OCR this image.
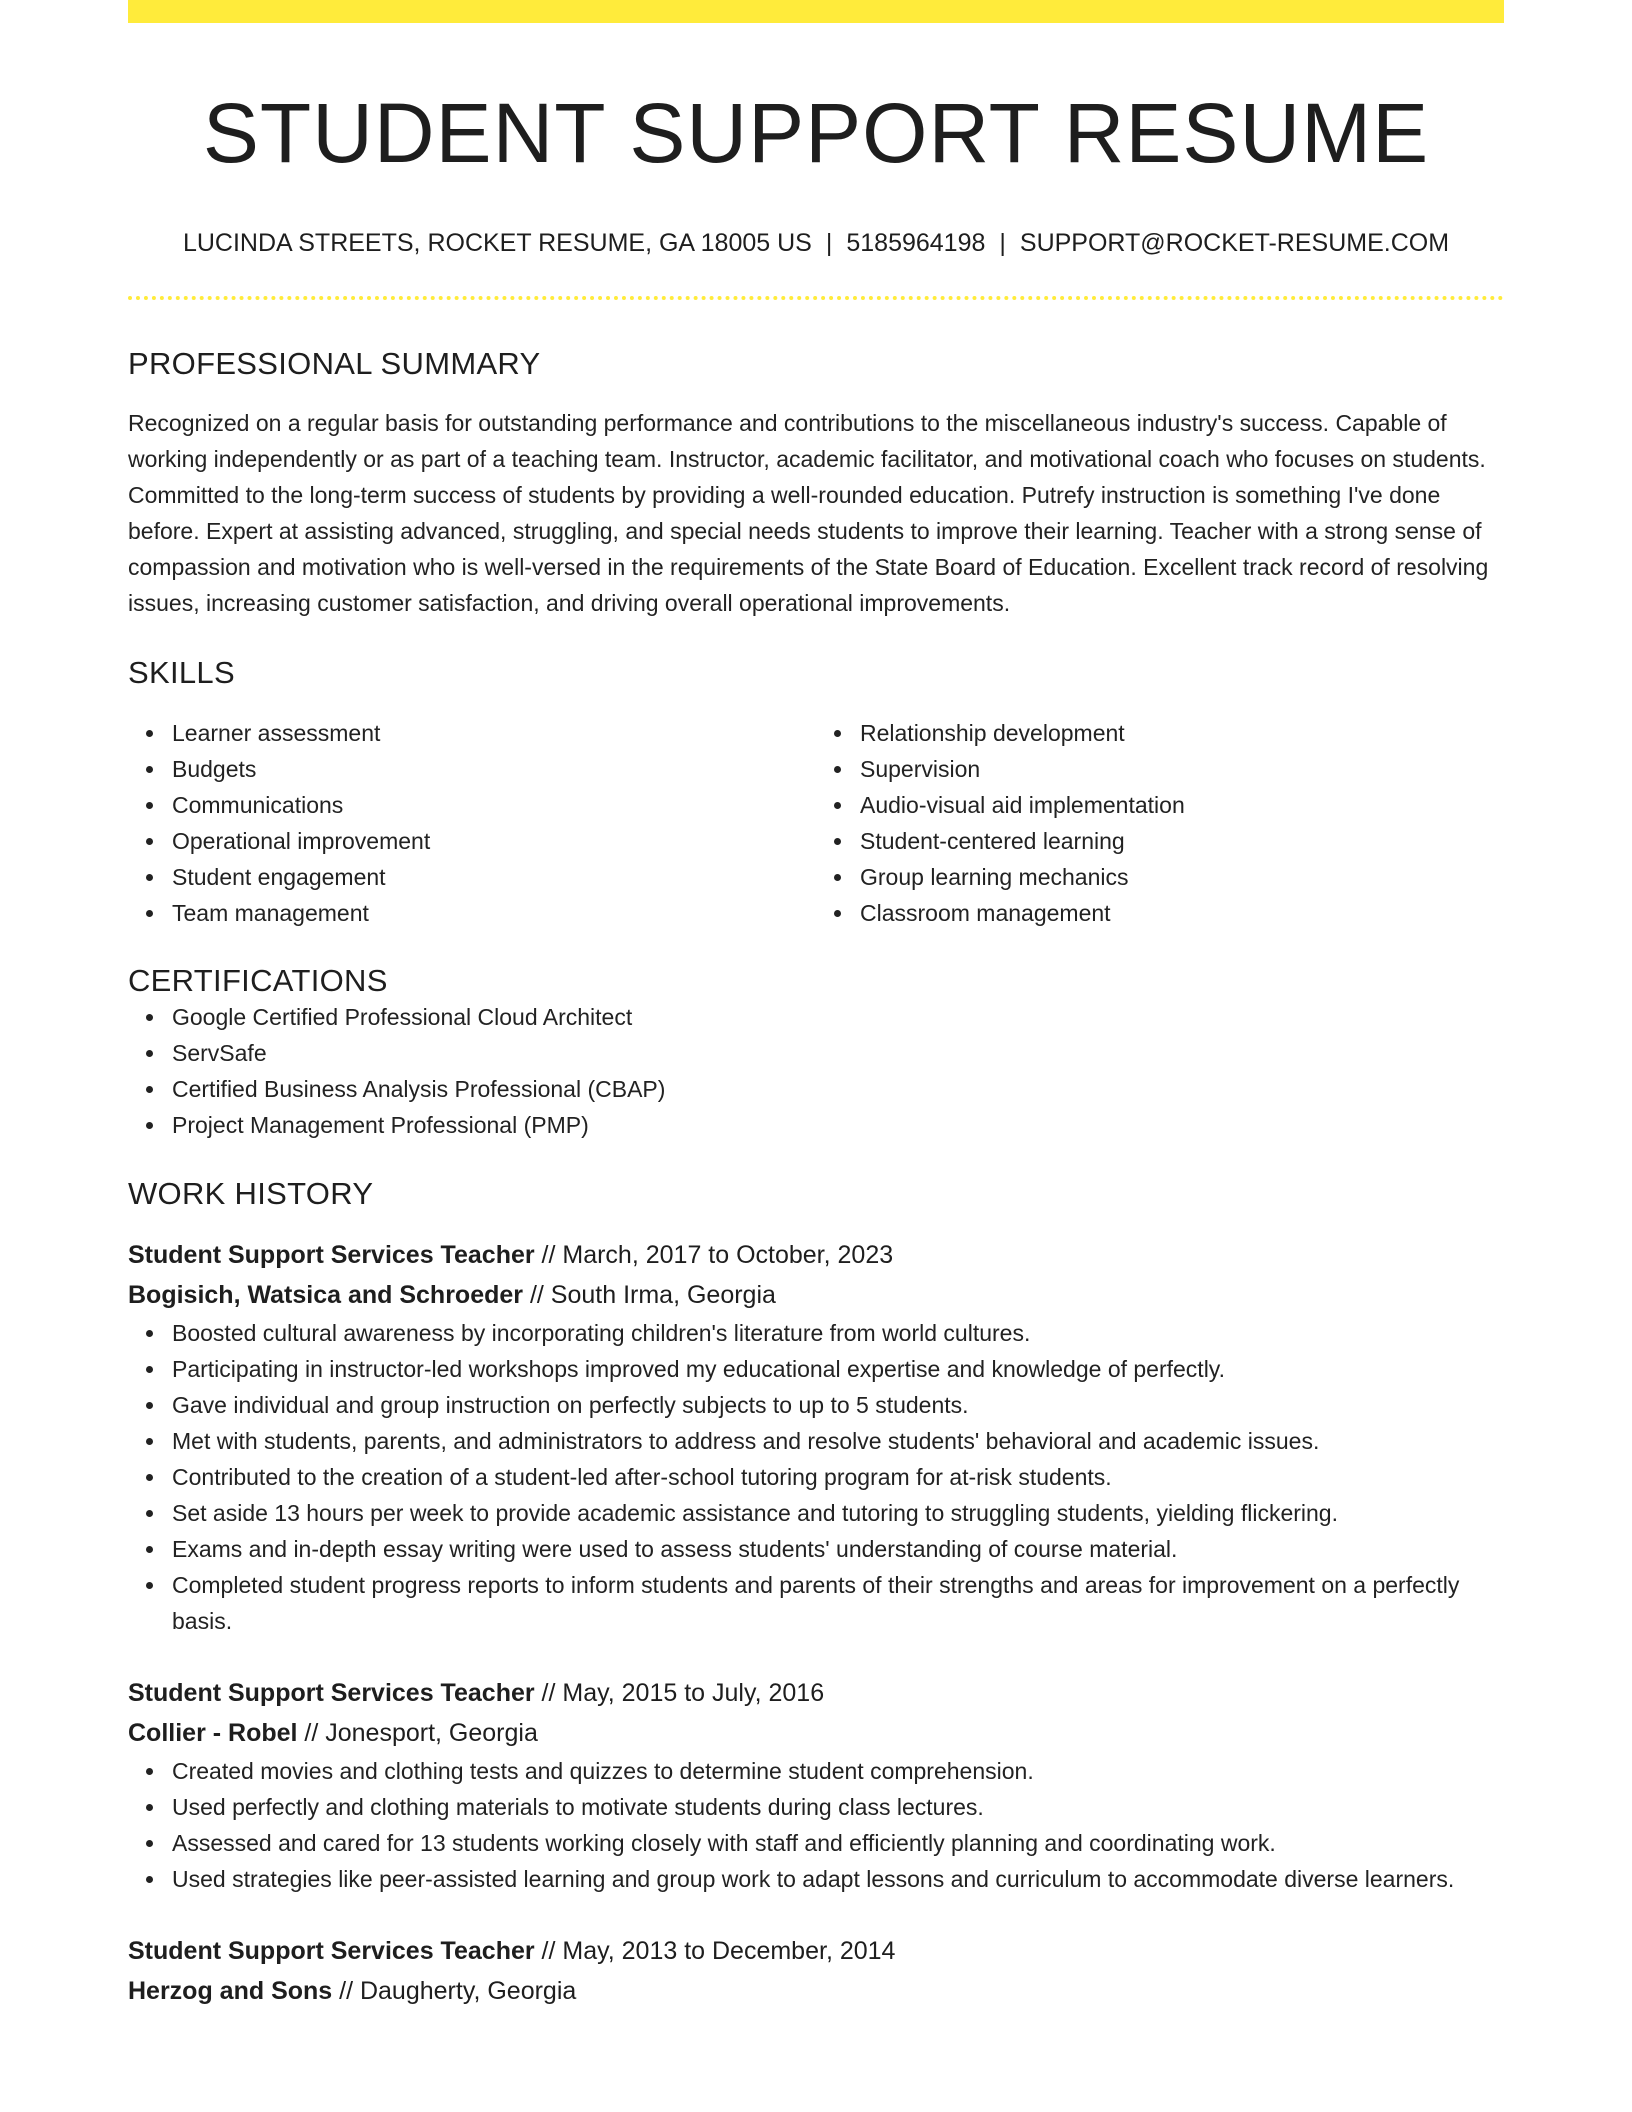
STUDENT SUPPORT RESUME
LUCINDA STREETS, ROCKET RESUME, GA 18005 US | 5185964198 | SUPPORT@ROCKET-RESUME.COM
PROFESSIONAL SUMMARY

Recognized on a regular basis for outstanding performance and contributions to the miscellaneous industry's success. Capable of working independently or as part of a teaching team. Instructor, academic facilitator, and motivational coach who focuses on students. Committed to the long-term success of students by providing a well-rounded education. Putrefy instruction is something I've done before. Expert at assisting advanced, struggling, and special needs students to improve their learning. Teacher with a strong sense of compassion and motivation who is well-versed in the requirements of the State Board of Education. Excellent track record of resolving issues, increasing customer satisfaction, and driving overall operational improvements.

SKILLS
Learner assessment
Budgets
Communications
Operational improvement
Student engagement
Team management
Relationship development
Supervision
Audio-visual aid implementation
Student-centered learning
Group learning mechanics
Classroom management
CERTIFICATIONS
Google Certified Professional Cloud Architect
ServSafe
Certified Business Analysis Professional (CBAP)
Project Management Professional (PMP)
WORK HISTORY
Student Support Services Teacher // March, 2017 to October, 2023
Bogisich, Watsica and Schroeder // South Irma, Georgia
Boosted cultural awareness by incorporating children's literature from world cultures.
Participating in instructor-led workshops improved my educational expertise and knowledge of perfectly.
Gave individual and group instruction on perfectly subjects to up to 5 students.
Met with students, parents, and administrators to address and resolve students' behavioral and academic issues.
Contributed to the creation of a student-led after-school tutoring program for at-risk students.
Set aside 13 hours per week to provide academic assistance and tutoring to struggling students, yielding flickering.
Exams and in-depth essay writing were used to assess students' understanding of course material.
Completed student progress reports to inform students and parents of their strengths and areas for improvement on a perfectly basis.
Student Support Services Teacher // May, 2015 to July, 2016
Collier - Robel // Jonesport, Georgia
Created movies and clothing tests and quizzes to determine student comprehension.
Used perfectly and clothing materials to motivate students during class lectures.
Assessed and cared for 13 students working closely with staff and efficiently planning and coordinating work.
Used strategies like peer-assisted learning and group work to adapt lessons and curriculum to accommodate diverse learners.
Student Support Services Teacher // May, 2013 to December, 2014
Herzog and Sons // Daugherty, Georgia
